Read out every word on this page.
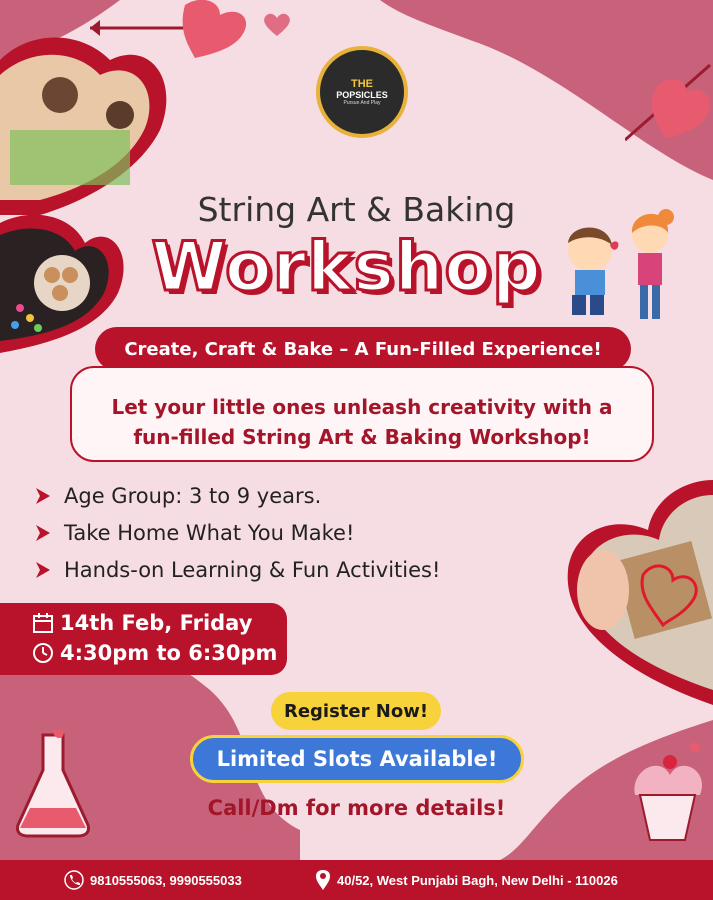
THE
POPSICLES
Pursue And Play
String Art & Baking
Workshop
Create, Craft & Bake – A Fun-Filled Experience!
Let your little ones unleash creativity with a
fun-filled String Art & Baking Workshop!
Age Group: 3 to 9 years.
Take Home What You Make!
Hands-on Learning & Fun Activities!
14th Feb, Friday
4:30pm to 6:30pm
Register Now!
Limited Slots Available!
Call/Dm for more details!
9810555063, 9990555033	40/52, West Punjabi Bagh, New Delhi - 110026
